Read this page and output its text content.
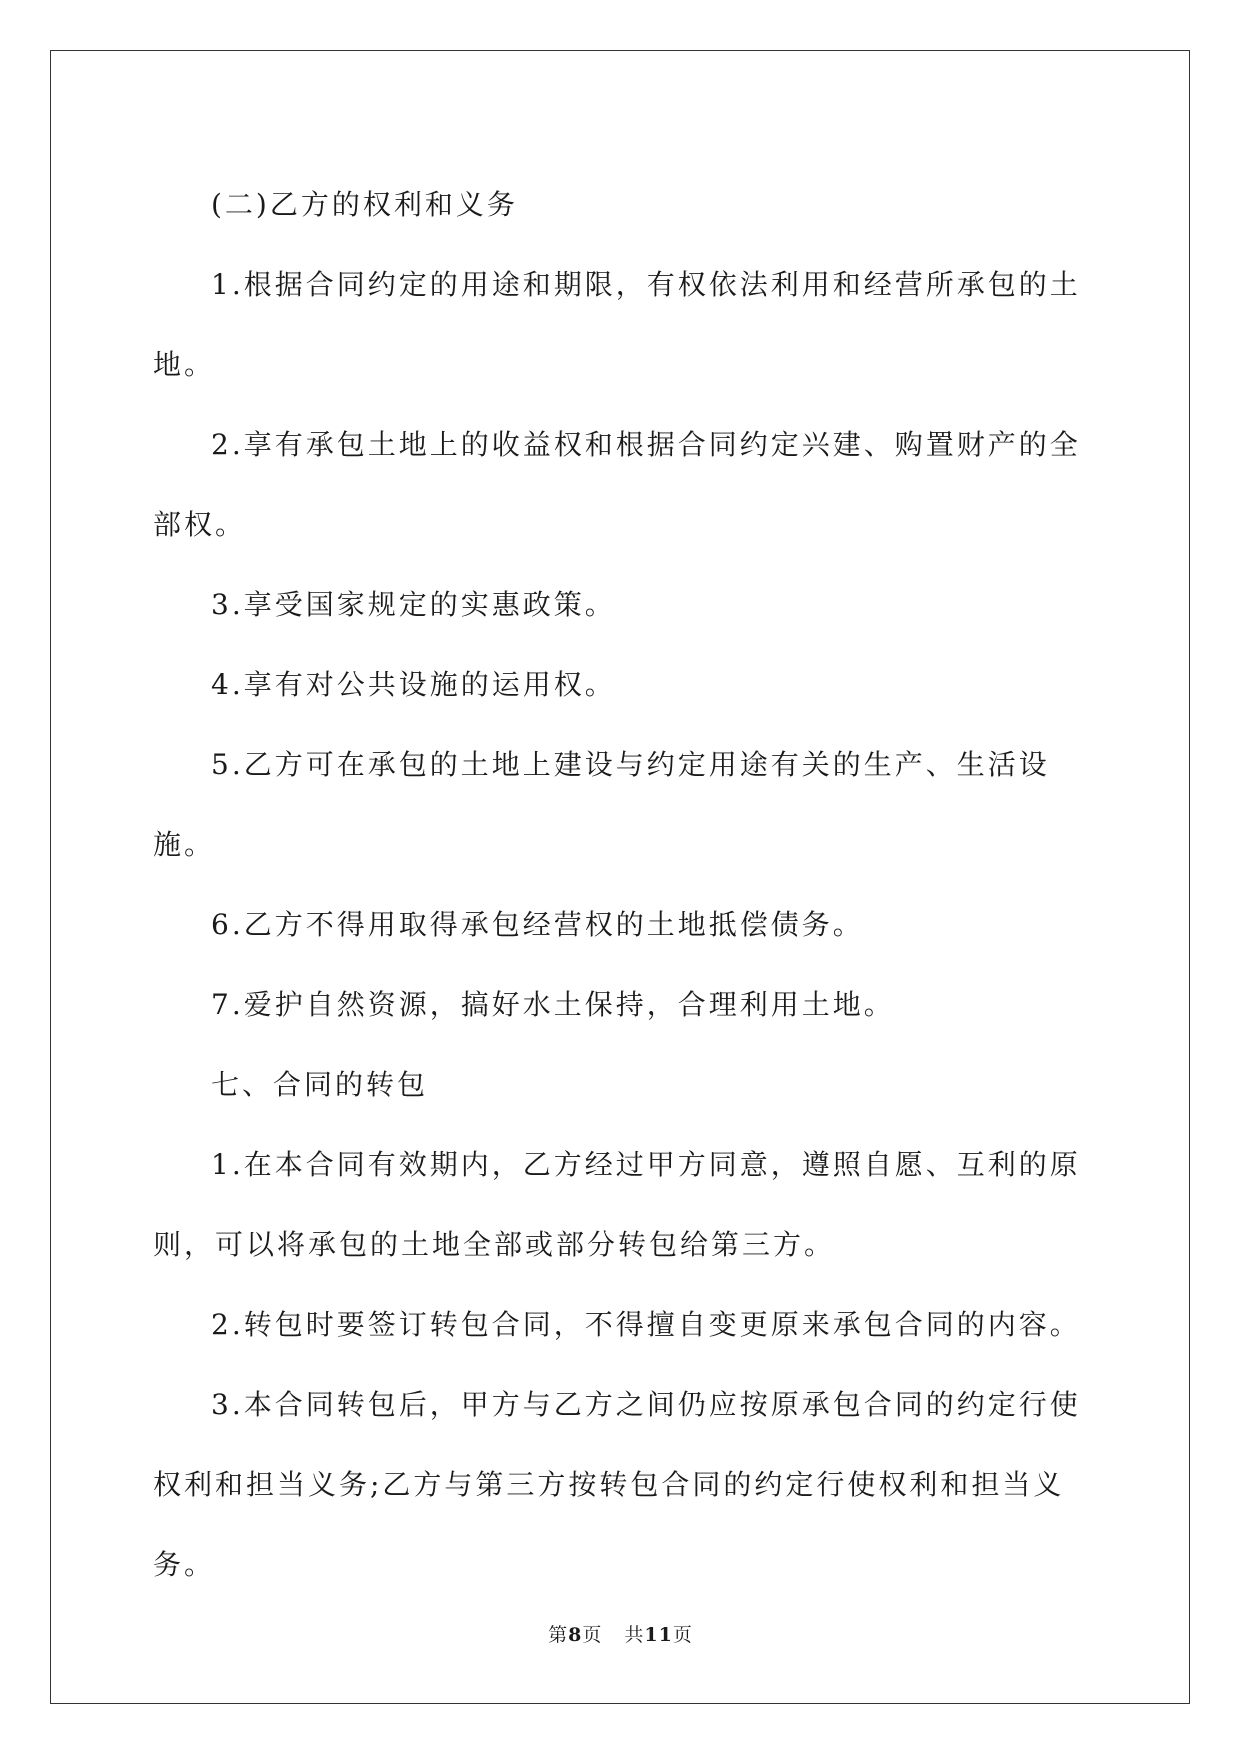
(二)乙方的权利和义务

1.根据合同约定的用途和期限，有权依法利用和经营所承包的土地。

2.享有承包土地上的收益权和根据合同约定兴建、购置财产的全部权。

3.享受国家规定的实惠政策。

4.享有对公共设施的运用权。

5.乙方可在承包的土地上建设与约定用途有关的生产、生活设施。

6.乙方不得用取得承包经营权的土地抵偿债务。

7.爱护自然资源，搞好水土保持，合理利用土地。

七、合同的转包

1.在本合同有效期内，乙方经过甲方同意，遵照自愿、互利的原则，可以将承包的土地全部或部分转包给第三方。

2.转包时要签订转包合同，不得擅自变更原来承包合同的内容。

3.本合同转包后，甲方与乙方之间仍应按原承包合同的约定行使权利和担当义务;乙方与第三方按转包合同的约定行使权利和担当义务。

第8页 共11页
